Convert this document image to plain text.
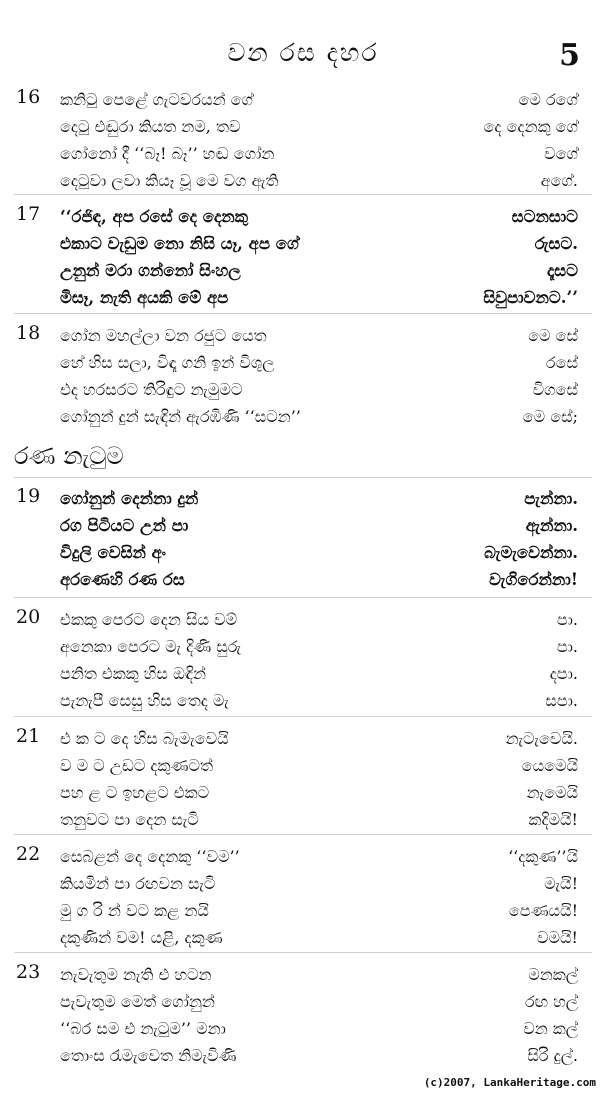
වන රස දහර	5
16 කනිටු පෙළේ ගැටවරයන් ගේ	මෙ රගේ
දෙටු එඬුරා කියත නම, තව	දෙ දෙනකු ගේ
ගෝනෝ දී ‘‘බෑ! බෑ’’ හඬ ගෝන	වගේ
දෙටුවා ලවා කියෑ වූ මෙ වග ඇති	අගේ.
17 ‘‘රජිඳ, අප රසේ දෙ දෙනකු	සටනසාට
එකාට වැඩුම නො නිසි යෑ, අප ගේ	රුසට.
උනුන් මරා ගන්නෝ සිංහල	දෑසට
මිසෑ, නැති අයකි මේ අප	සිවුපාවනට.’’
18 ගෝන මහල්ලා වන රජුට යෙත	මෙ සේ
හේ හිස සලා, විඳෑ ගනි ඉන් විශුල	රසේ
එද හරසරට තිරිඳුට නැමුමට	විගසේ
ගෝනුන් දුන් සැඳින් ඇරඹිණි ‘‘සටන’’	මෙ සේ;
19 ගෝනුන් දෙන්නා දුන්	පැන්නා.
රග පිටියට උන් පා	ඇන්නා.
විදුලි වෙසින් අං	බැමැවෙන්නා.
අරණෙහි රණ රස	වැගිරෙන්නා!
20 එකකු පෙරට දෙන සිය වම්	පා.
අනෙකා පෙරට මැ දිණි සුරු	පා.
පනිත එකකු හිස ඔඳින්	දපා.
පැනැපී සෙසු හිස තෙද මැ	සපා.
21 එ ක ට දෙ හිස බැමැවෙයි	නැටැවෙයි.
ව ම ට උඩට දකුණටත්	යෙමෙයි
පහ ළ ට ඉහළට එකට	නැමෙයි
තනුවට පා දෙන සැටි	කදිමයි!
22 සෙබළන් දෙ දෙනකු ‘‘වම’’	‘‘දකුණ’’යි
කියමින් පා රඟවන සැටි	මැයි!
මු ග රි න් වට කළ නයි	පෙණයයි!
දකුණින් වම! යළි, දකුණ	වමයි!
23 නැවැතුම නැති එ හටන	මනකල්
පැවැතුම මෙත් ගෝනුන්	රඟ හල්
‘‘බර සම එ නැටුම’’ මනා	වන කල්
තොංස රැමැවෙත නිමැවිණි	සිරි දුල්.
රණ නැටුම
(c)2007, LankaHeritage.com
